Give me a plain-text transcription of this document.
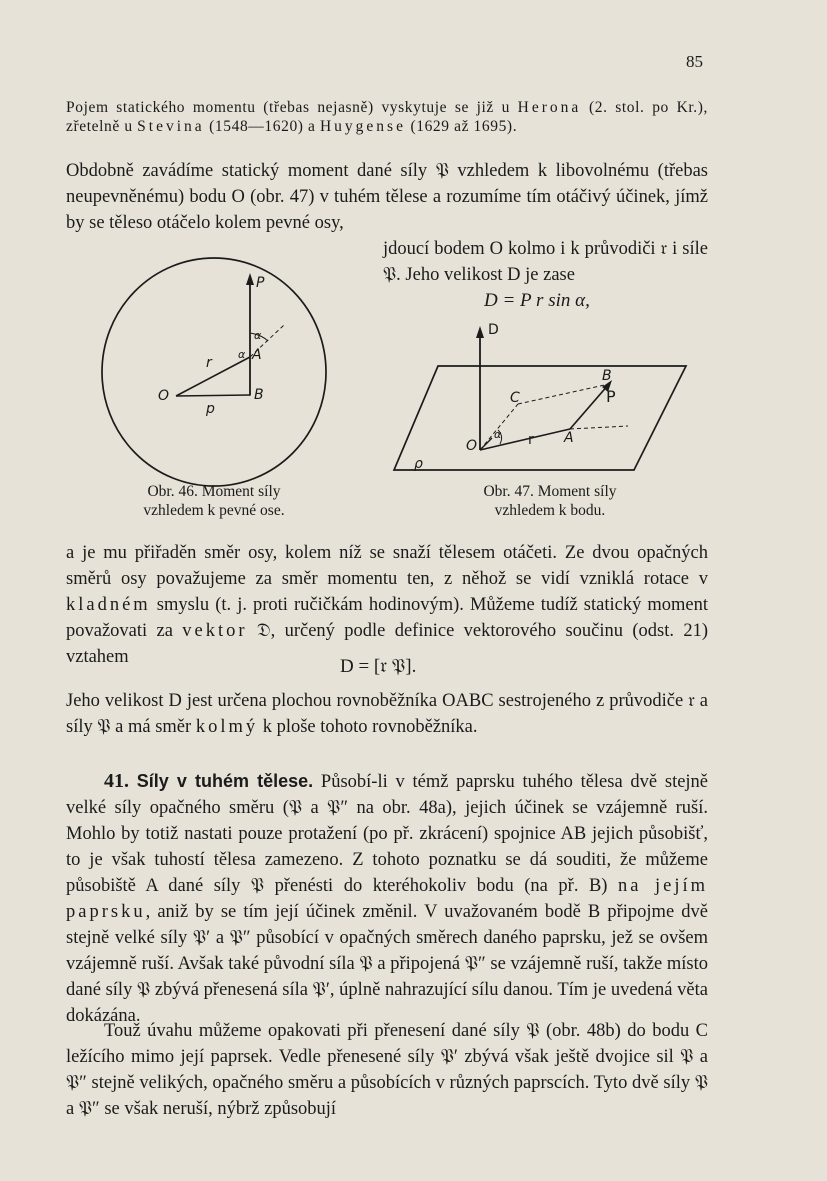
85

Pojem statického momentu (třebas nejasně) vyskytuje se již u Herona (2. stol. po Kr.), zřetelně u Stevina (1548—1620) a Huygense (1629 až 1695).

Obdobně zavádíme statický moment dané síly 𝔓 vzhledem k libovolnému (třebas neupevněnému) bodu O (obr. 47) v tuhém tělese a rozumíme tím otáčivý účinek, jímž by se těleso otáčelo kolem pevné osy,

jdoucí bodem O kolmo i k průvodiči 𝔯 i síle 𝔓. Jeho velikost D je zase

D = P r sin α,
P
α
α A
r
O
p
B
Obr. 46. Moment síly
vzhledem k pevné ose.
D
B
C	P
α	A
r
O
ρ
Obr. 47. Moment síly
vzhledem k bodu.

a je mu přiřaděn směr osy, kolem níž se snaží tělesem otáčeti. Ze dvou opačných směrů osy považujeme za směr momentu ten, z něhož se vidí vzniklá rotace v kladném smyslu (t. j. proti ručičkám hodinovým). Můžeme tudíž statický moment považovati za vektor 𝔇, určený podle definice vektorového součinu (odst. 21) vztahem	D = [𝔯 𝔓].

Jeho velikost D jest určena plochou rovnoběžníka OABC sestrojeného z průvodiče 𝔯 a síly 𝔓 a má směr kolmý k ploše tohoto rovnoběžníka.

41. Síly v tuhém tělese. Působí-li v témž paprsku tuhého tělesa dvě stejně velké síly opačného směru (𝔓 a 𝔓″ na obr. 48a), jejich účinek se vzájemně ruší. Mohlo by totiž nastati pouze protažení (po př. zkrácení) spojnice AB jejich působišť, to je však tuhostí tělesa zamezeno. Z tohoto poznatku se dá souditi, že můžeme působiště A dané síly 𝔓 přenésti do kteréhokoliv bodu (na př. B) na jejím paprsku, aniž by se tím její účinek změnil. V uvažovaném bodě B připojme dvě stejně velké síly 𝔓′ a 𝔓″ působící v opačných směrech daného paprsku, jež se ovšem vzájemně ruší. Avšak také původní síla 𝔓 a připojená 𝔓″ se vzájemně ruší, takže místo dané síly 𝔓 zbývá přenesená síla 𝔓′, úplně nahrazující sílu danou. Tím je uvedená věta dokázána.

Touž úvahu můžeme opakovati při přenesení dané síly 𝔓 (obr. 48b) do bodu C ležícího mimo její paprsek. Vedle přenesené síly 𝔓′ zbývá však ještě dvojice sil 𝔓 a 𝔓″ stejně velikých, opačného směru a působících v různých paprscích. Tyto dvě síly 𝔓 a 𝔓″ se však neruší, nýbrž způsobují
